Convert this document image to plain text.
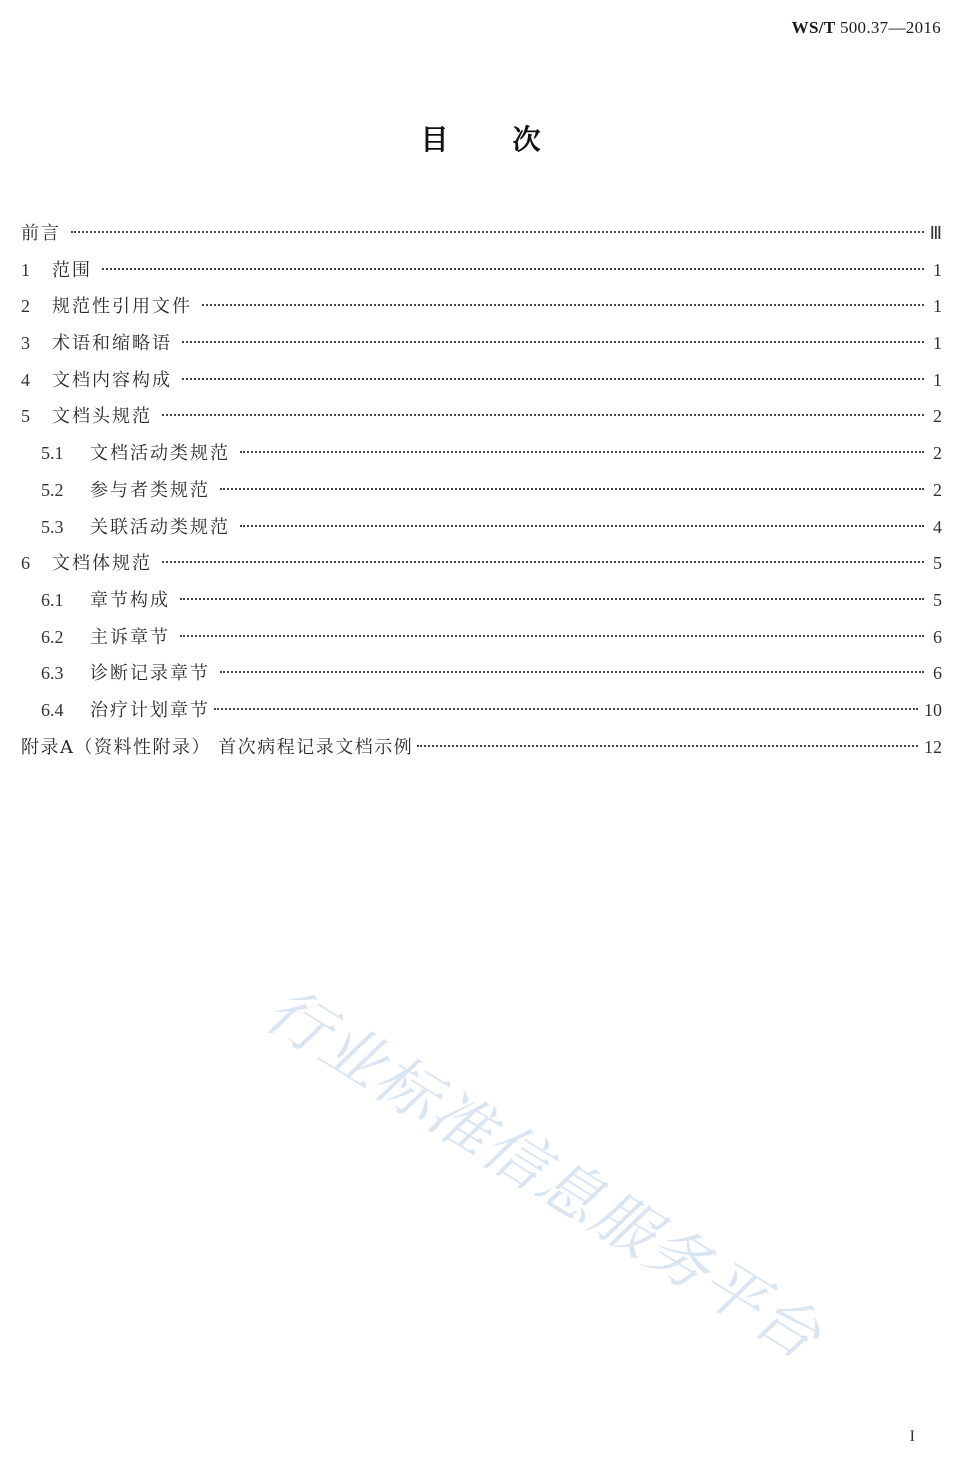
WS/T 500.37—2016
目次
前言	Ⅲ
1	范围	1
2	规范性引用文件	1
3	术语和缩略语	1
4	文档内容构成	1
5	文档头规范	2
5.1	文档活动类规范	2
5.2	参与者类规范	2
5.3	关联活动类规范	4
6	文档体规范	5
6.1	章节构成	5
6.2	主诉章节	6
6.3	诊断记录章节	6
6.4	治疗计划章节	10
附录A（资料性附录） 首次病程记录文档示例	12
行业标准信息服务平台
I
